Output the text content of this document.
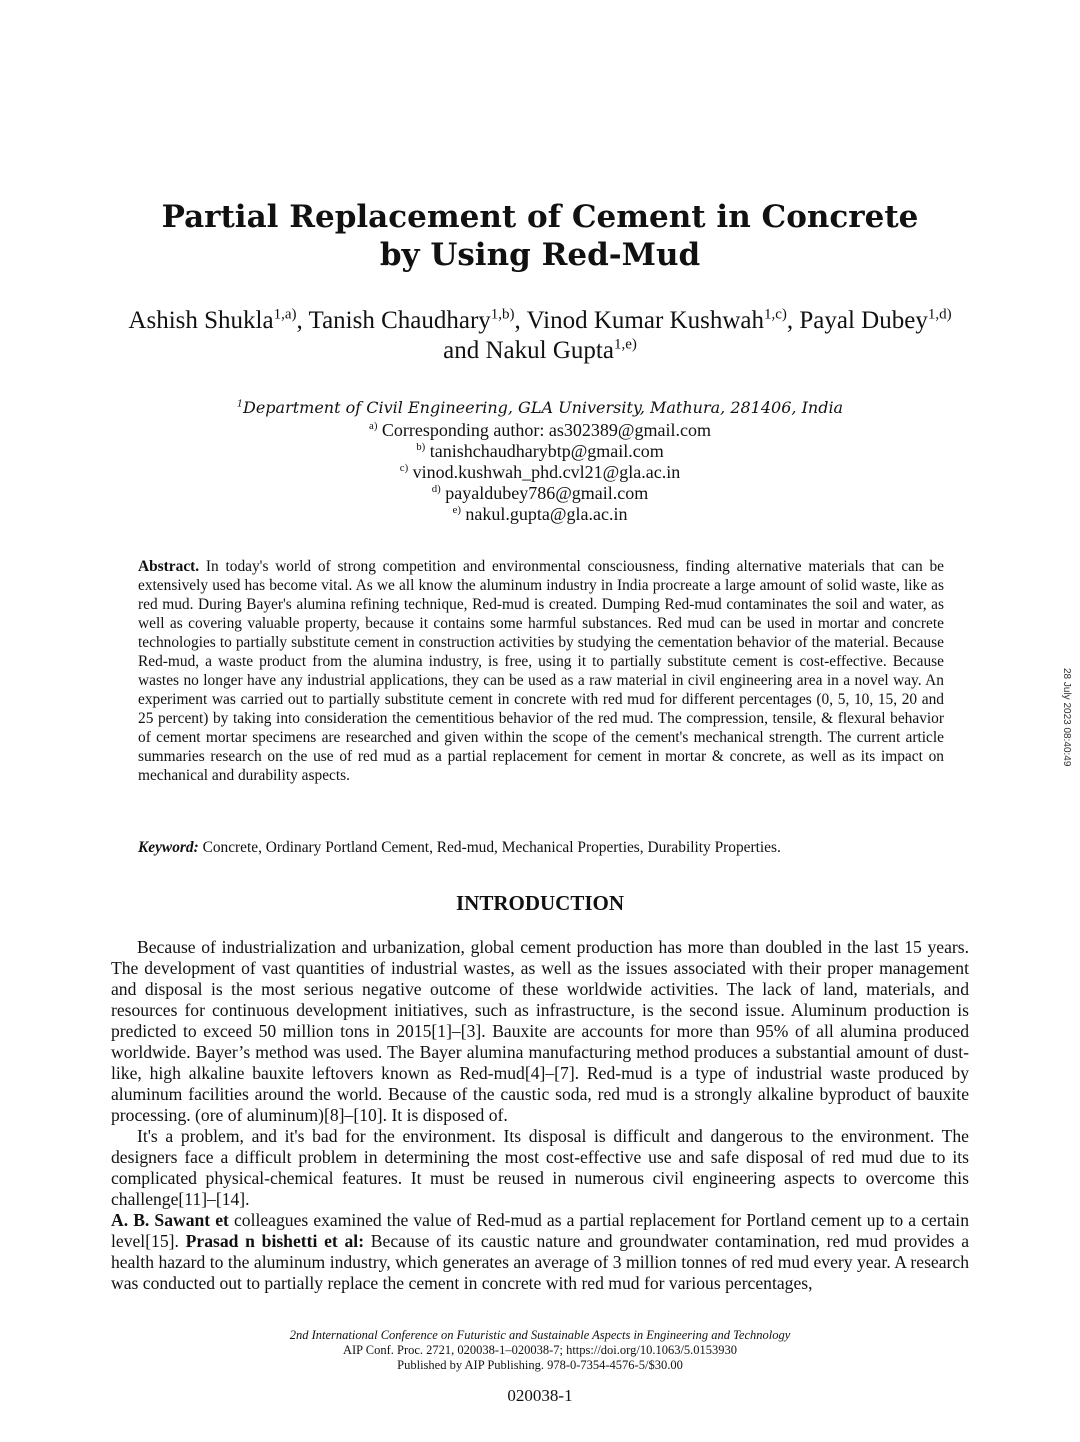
Partial Replacement of Cement in Concrete by Using Red-Mud
Ashish Shukla$^{1,a)}$, Tanish Chaudhary$^{1,b)}$, Vinod Kumar Kushwah$^{1,c)}$, Payal Dubey$^{1,d)}$ and Nakul Gupta$^{1,e)}$
$^1$Department of Civil Engineering, GLA University, Mathura, 281406, India
$^{a)}$ Corresponding author: as302389@gmail.com
$^{b)}$ tanishchaudharybtp@gmail.com
$^{c)}$ vinod.kushwah_phd.cvl21@gla.ac.in
$^{d)}$ payaldubey786@gmail.com
$^{e)}$ nakul.gupta@gla.ac.in

Abstract. In today's world of strong competition and environmental consciousness, finding alternative materials that can be extensively used has become vital. As we all know the aluminum industry in India procreate a large amount of solid waste, like as red mud. During Bayer's alumina refining technique, Red-mud is created. Dumping Red-mud contaminates the soil and water, as well as covering valuable property, because it contains some harmful substances. Red mud can be used in mortar and concrete technologies to partially substitute cement in construction activities by studying the cementation behavior of the material. Because Red-mud, a waste product from the alumina industry, is free, using it to partially substitute cement is cost-effective. Because wastes no longer have any industrial applications, they can be used as a raw material in civil engineering area in a novel way. An experiment was carried out to partially substitute cement in concrete with red mud for different percentages (0, 5, 10, 15, 20 and 25 percent) by taking into consideration the cementitious behavior of the red mud. The compression, tensile, & flexural behavior of cement mortar specimens are researched and given within the scope of the cement's mechanical strength. The current article summaries research on the use of red mud as a partial replacement for cement in mortar & concrete, as well as its impact on mechanical and durability aspects.

Keyword: Concrete, Ordinary Portland Cement, Red-mud, Mechanical Properties, Durability Properties.

INTRODUCTION

Because of industrialization and urbanization, global cement production has more than doubled in the last 15 years. The development of vast quantities of industrial wastes, as well as the issues associated with their proper management and disposal is the most serious negative outcome of these worldwide activities. The lack of land, materials, and resources for continuous development initiatives, such as infrastructure, is the second issue. Aluminum production is predicted to exceed 50 million tons in 2015[1]–[3]. Bauxite are accounts for more than 95% of all alumina produced worldwide. Bayer’s method was used. The Bayer alumina manufacturing method produces a substantial amount of dust-like, high alkaline bauxite leftovers known as Red-mud[4]–[7]. Red-mud is a type of industrial waste produced by aluminum facilities around the world. Because of the caustic soda, red mud is a strongly alkaline byproduct of bauxite processing. (ore of aluminum)[8]–[10]. It is disposed of.

It's a problem, and it's bad for the environment. Its disposal is difficult and dangerous to the environment. The designers face a difficult problem in determining the most cost-effective use and safe disposal of red mud due to its complicated physical-chemical features. It must be reused in numerous civil engineering aspects to overcome this challenge[11]–[14].

A. B. Sawant et colleagues examined the value of Red-mud as a partial replacement for Portland cement up to a certain level[15]. Prasad n bishetti et al: Because of its caustic nature and groundwater contamination, red mud provides a health hazard to the aluminum industry, which generates an average of 3 million tonnes of red mud every year. A research was conducted out to partially replace the cement in concrete with red mud for various percentages,

2nd International Conference on Futuristic and Sustainable Aspects in Engineering and Technology
AIP Conf. Proc. 2721, 020038-1–020038-7; https://doi.org/10.1063/5.0153930
Published by AIP Publishing. 978-0-7354-4576-5/$30.00
020038-1
28 July 2023 08:40:49
